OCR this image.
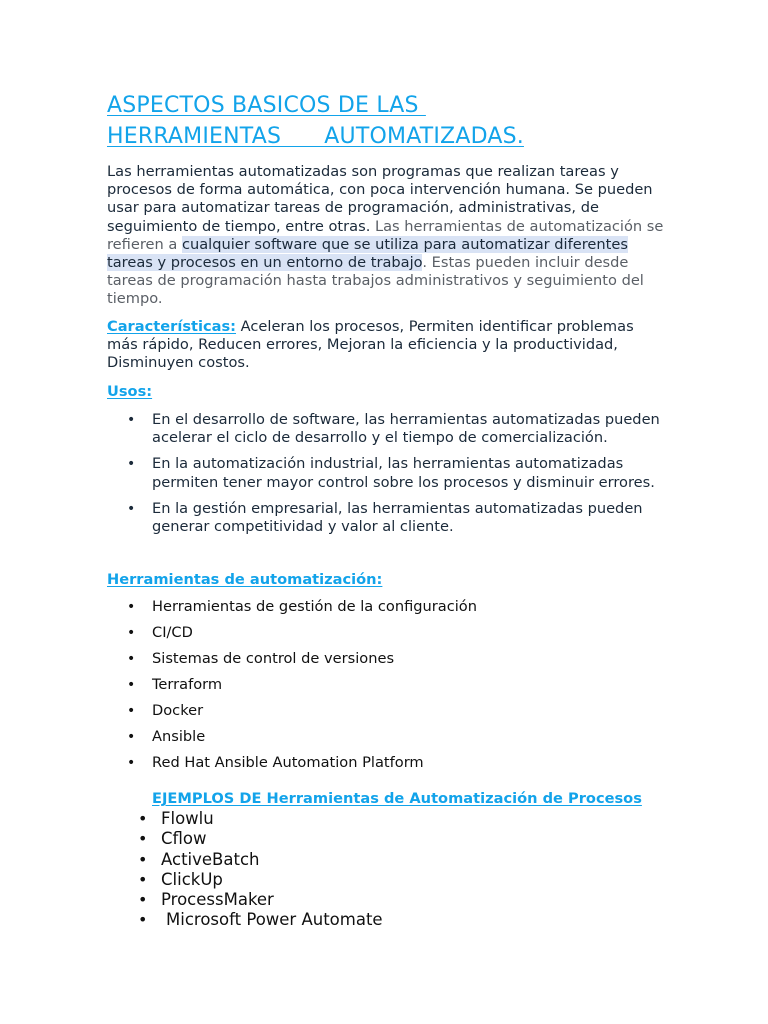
ASPECTOS BASICOS DE LAS
HERRAMIENTAS      AUTOMATIZADAS.

Las herramientas automatizadas son programas que realizan tareas y procesos de forma automática, con poca intervención humana. Se pueden usar para automatizar tareas de programación, administrativas, de seguimiento de tiempo, entre otras. Las herramientas de automatización se refieren a cualquier software que se utiliza para automatizar diferentes tareas y procesos en un entorno de trabajo. Estas pueden incluir desde tareas de programación hasta trabajos administrativos y seguimiento del tiempo.

Características: Aceleran los procesos, Permiten identificar problemas más rápido, Reducen errores, Mejoran la eficiencia y la productividad, Disminuyen costos.

Usos:
• En el desarrollo de software, las herramientas automatizadas pueden acelerar el ciclo de desarrollo y el tiempo de comercialización.
• En la automatización industrial, las herramientas automatizadas permiten tener mayor control sobre los procesos y disminuir errores.
• En la gestión empresarial, las herramientas automatizadas pueden generar competitividad y valor al cliente.
Herramientas de automatización:
• Herramientas de gestión de la configuración
• CI/CD
• Sistemas de control de versiones
• Terraform
• Docker
• Ansible
• Red Hat Ansible Automation Platform
EJEMPLOS DE Herramientas de Automatización de Procesos
• Flowlu
• Cflow
• ActiveBatch
• ClickUp
• ProcessMaker
• Microsoft Power Automate
